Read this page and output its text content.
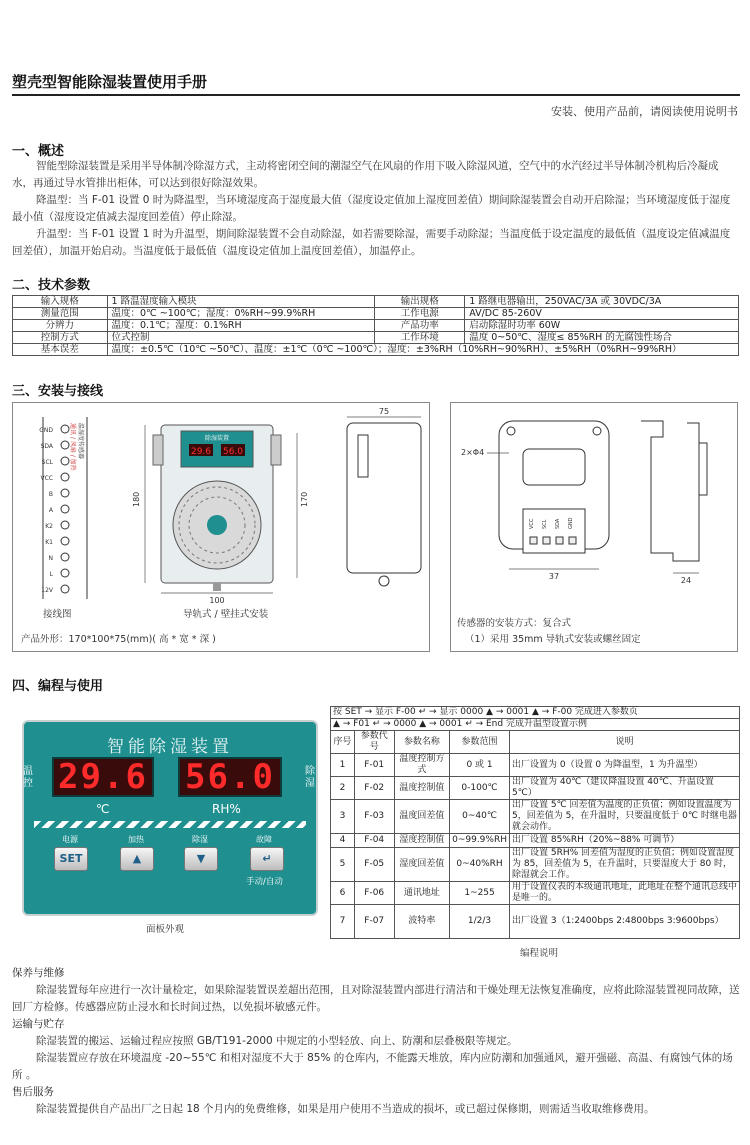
塑壳型智能除湿装置使用手册
安装、使用产品前，请阅读使用说明书
一、概述
智能型除湿装置是采用半导体制冷除湿方式，主动将密闭空间的潮湿空气在风扇的作用下吸入除湿风道，空气中的水汽经过半导体制冷机构后冷凝成水，再通过导水管排出柜体，可以达到很好除湿效果。
降温型：当 F-01 设置 0 时为降温型，当环境湿度高于湿度最大值（湿度设定值加上湿度回差值）期间除湿装置会自动开启除湿；当环境湿度低于湿度最小值（湿度设定值减去湿度回差值）停止除湿。
升温型：当 F-01 设置 1 时为升温型，期间除湿装置不会自动除湿，如若需要除湿，需要手动除湿；当温度低于设定温度的最低值（温度设定值减温度回差值），加温开始启动。当温度低于最低值（温度设定值加上温度回差值），加温停止。
二、技术参数
输入规格	1 路温湿度输入模块	输出规格	1 路继电器输出，250VAC/3A 或 30VDC/3A
测量范围	温度：0℃ ~100℃；湿度：0%RH~99.9%RH	工作电源	AV/DC 85-260V
分辨力	温度：0.1℃；湿度：0.1%RH	产品功率	启动除湿时功率 60W
控制方式	位式控制	工作环境	温度 0~50℃、湿度≤ 85%RH 的无腐蚀性场合
基本误差	温度：±0.5℃（10℃ ~50℃）、温度：±1℃（0℃ ~100℃）；湿度：±3%RH（10%RH~90%RH）、±5%RH（0%RH~99%RH）		
三、安装与接线
12V
L
N
K1
K2
A
B
VCC
SCL
SDA
GND	温湿度传感器
通讯 / 风扇 / 加热	除湿装置
29.6 56.0
180	170
100
75
接线图	导轨式 / 壁挂式安装
产品外形：170*100*75(mm)( 高 * 宽 * 深 )
VCC SCL SDA GND
37
2×Φ4
24
传感器的安装方式：复合式
（1）采用 35mm 导轨式安装或螺丝固定
四、编程与使用
智能除湿装置
温控
除湿
29.6 56.0
℃	RH%
电源	加热	除湿	故障
SET	▲	▼	↵
手动/自动
面板外观
按 SET → 显示 F-00 ↵ → 显示 0000 ▲ → 0001 ▲ → F-00 完成进入参数页				
▲ → F01 ↵ → 0000 ▲ → 0001 ↵ → End 完成升温型设置示例				
序号	参数代号	参数名称	参数范围	说明
1	F-01	温度控制方式	0 或 1	出厂设置为 0（设置 0 为降温型，1 为升温型）
2	F-02	温度控制值	0-100℃	出厂设置为 40℃（建议降温设置 40℃、升温设置 5℃）
3	F-03	温度回差值	0~40℃	出厂设置 5℃ 回差值为温度的正负值；例如设置温度为 5，回差值为 5，在升温时，只要温度低于 0℃ 时继电器就会动作。
4	F-04	湿度控制值	0~99.9%RH	出厂设置 85%RH（20%~88% 可调节）
5	F-05	湿度回差值	0~40%RH	出厂设置 5RH% 回差值为湿度的正负值；例如设置湿度为 85，回差值为 5，在升温时，只要湿度大于 80 时，除湿就会工作。
6	F-06	通讯地址	1~255	用于设置仪表的本级通讯地址，此地址在整个通讯总线中是唯一的。
7	F-07	波特率	1/2/3	出厂设置 3（1:2400bps 2:4800bps 3:9600bps）
编程说明
保养与维修
除湿装置每年应进行一次计量检定，如果除湿装置误差超出范围，且对除湿装置内部进行清洁和干燥处理无法恢复准确度，应将此除湿装置视同故障，送回厂方检修。传感器应防止浸水和长时间过热，以免损坏敏感元件。
运输与贮存
除湿装置的搬运、运输过程应按照 GB/T191-2000 中规定的小型轻放、向上、防潮和层叠极限等规定。
除湿装置应存放在环境温度 -20~55℃ 和相对湿度不大于 85% 的仓库内，不能露天堆放，库内应防潮和加强通风，避开强磁、高温、有腐蚀气体的场所 。
售后服务
除湿装置提供自产品出厂之日起 18 个月内的免费维修，如果是用户使用不当造成的损坏，或已超过保修期，则需适当收取维修费用。
